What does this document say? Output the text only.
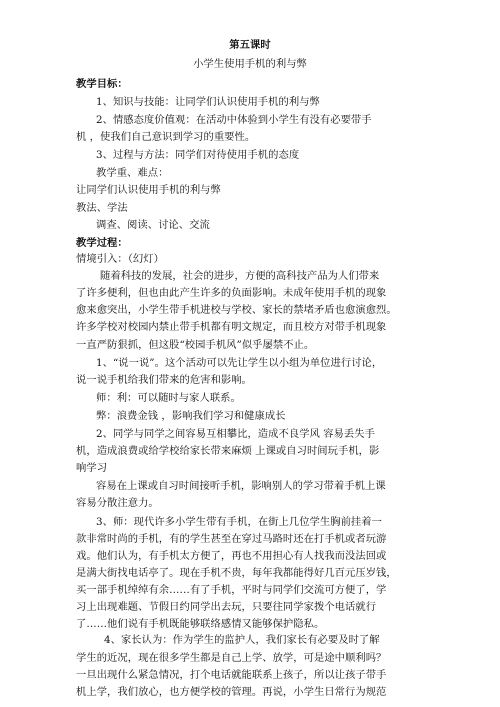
第五课时
小学生使用手机的利与弊
教学目标：
1、知识与技能：让同学们认识使用手机的利与弊
2、情感态度价值观：在活动中体验到小学生有没有必要带手
机 ，使我们自己意识到学习的重要性。
3、过程与方法：同学们对待使用手机的态度
教学重、难点：
让同学们认识使用手机的利与弊
教法、学法
调查、阅读、讨论、交流
教学过程：
情境引入：（幻灯）
随着科技的发展，社会的进步，方便的高科技产品为人们带来
了许多便利，但也由此产生许多的负面影响。未成年使用手机的现象
愈来愈突出，小学生带手机进校与学校、家长的禁堵矛盾也愈演愈烈。
许多学校对校园内禁止带手机都有明文规定，而且校方对带手机现象
一直严防狠抓，但这股“校园手机风”似乎屡禁不止。
1、“说一说”。这个活动可以先让学生以小组为单位进行讨论，
说一说手机给我们带来的危害和影响。
师：利：可以随时与家人联系。
弊：浪费金钱 ，影响我们学习和健康成长
2、同学与同学之间容易互相攀比，造成不良学风 容易丢失手
机，造成浪费或给学校给家长带来麻烦 上课或自习时间玩手机，影
响学习
容易在上课或自习时间接听手机，影响别人的学习带着手机上课
容易分散注意力。
3、师：现代许多小学生带有手机，在街上几位学生胸前挂着一
款非常时尚的手机，有的学生甚至在穿过马路时还在打手机或者玩游
戏。他们认为，有手机太方便了，再也不用担心有人找我而没法回或
是满大街找电话亭了。现在手机不贵，每年我都能得好几百元压岁钱，
买一部手机绰绰有余……有了手机，平时与同学们交流可方便了，学
习上出现难题、节假日约同学出去玩，只要往同学家拨个电话就行
了……他们说有手机既能够联络感情又能够保护隐私。
4、家长认为：作为学生的监护人，我们家长有必要及时了解
学生的近况，现在很多学生都是自己上学、放学，可是途中顺利吗？
一旦出现什么紧急情况，打个电话就能联系上孩子，所以让孩子带手
机上学，我们放心，也方便学校的管理。再说，小学生日常行为规范
